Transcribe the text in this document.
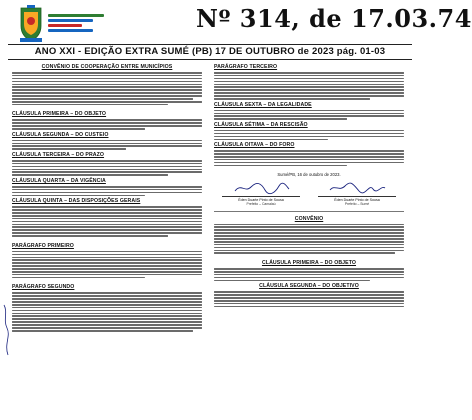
Nº 314, de 17.03.74
ANO XXI - EDIÇÃO EXTRA SUMÉ (PB) 17 DE OUTUBRO de 2023 pág. 01-03
CONVÊNIO DE COOPERAÇÃO ENTRE MUNICÍPIOS
CLÁUSULA PRIMEIRA – DO OBJETO
CLÁUSULA SEGUNDA – DO CUSTEIO
CLÁUSULA TERCEIRA – DO PRAZO
CLÁUSULA QUARTA – DA VIGÊNCIA
CLÁUSULA QUINTA – DAS DISPOSIÇÕES GERAIS
PARÁGRAFO PRIMEIRO
PARÁGRAFO SEGUNDO
PARÁGRAFO TERCEIRO
CLÁUSULA SEXTA – DA LEGALIDADE
CLÁUSULA SÉTIMA – DA RESCISÃO
CLÁUSULA OITAVA – DO FORO
Sumé/PB, 16 de outubro de 2023.
Éden Duarte Pinto de Sousa
Prefeito – Camalaú
Éden Duarte Pinto de Sousa
Prefeito – Sumé
CONVÊNIO
CLÁUSULA PRIMEIRA – DO OBJETO
CLÁUSULA SEGUNDA – DO OBJETIVO
